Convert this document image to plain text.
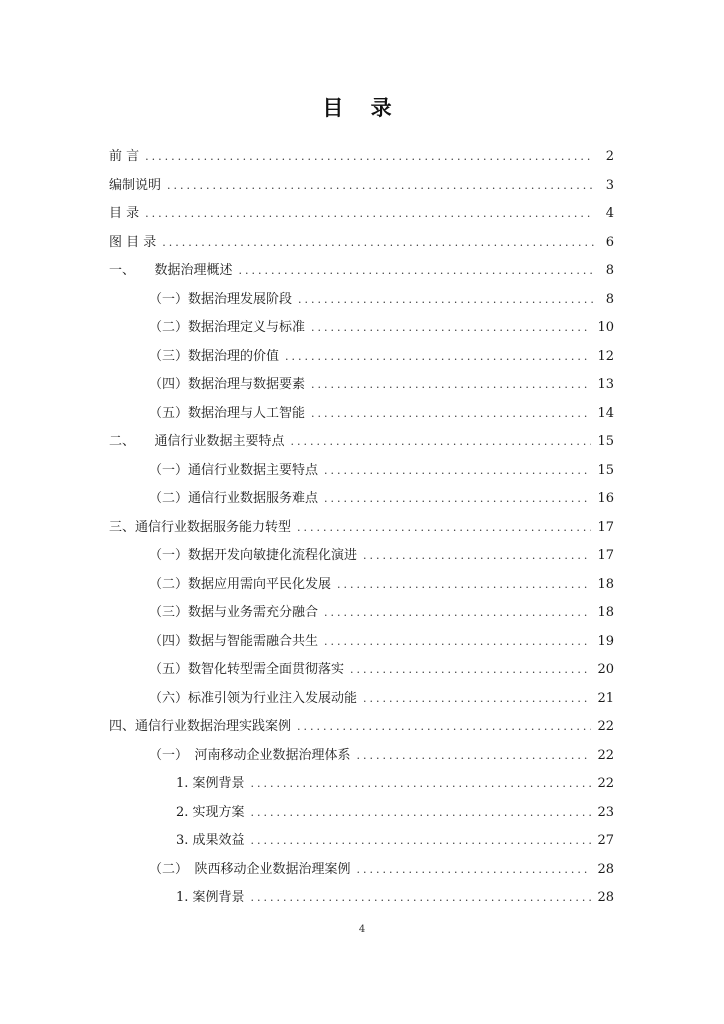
目 录
前 言 .....	2
编制说明 .....	3
目 录 .....	4
图 目 录 .....	6
一、　　数据治理概述 .....	8
（一）数据治理发展阶段 .....	8
（二）数据治理定义与标准 .....	10
（三）数据治理的价值 .....	12
（四）数据治理与数据要素 .....	13
（五）数据治理与人工智能 .....	14
二、　　通信行业数据主要特点 .....	15
（一）通信行业数据主要特点 .....	15
（二）通信行业数据服务难点 .....	16
三、通信行业数据服务能力转型 .....	17
（一）数据开发向敏捷化流程化演进 .....	17
（二）数据应用需向平民化发展 .....	18
（三）数据与业务需充分融合 .....	18
（四）数据与智能需融合共生 .....	19
（五）数智化转型需全面贯彻落实 .....	20
（六）标准引领为行业注入发展动能 .....	21
四、通信行业数据治理实践案例 .....	22
（一）　河南移动企业数据治理体系 .....	22
1. 案例背景 .....	22
2. 实现方案 .....	23
3. 成果效益 .....	27
（二）　陕西移动企业数据治理案例 .....	28
1. 案例背景 .....	28
4
